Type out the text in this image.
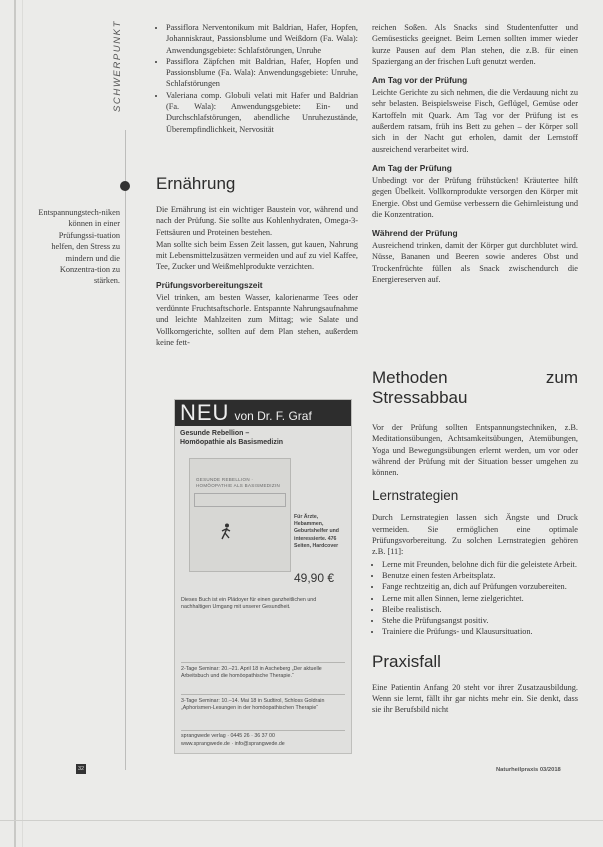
SCHWERPUNKT
Entspannungstech-niken können in einer Prüfungssi-tuation helfen, den Stress zu mindern und die Konzentra-tion zu stärken.
• Passiflora Nerventonikum mit Baldrian, Hafer, Hopfen, Johanniskraut, Passionsblume und Weißdorn (Fa. Wala): Anwendungsgebiete: Schlafstörungen, Unruhe
• Passiflora Zäpfchen mit Baldrian, Hafer, Hopfen und Passionsblume (Fa. Wala): Anwendungsgebiete: Unruhe, Schlafstörungen
• Valeriana comp. Globuli velati mit Hafer und Baldrian (Fa. Wala): Anwendungsgebiete: Ein- und Durchschlafstörungen, abendliche Unruhezustände, Überempfindlichkeit, Nervosität
Ernährung

Die Ernährung ist ein wichtiger Baustein vor, während und nach der Prüfung. Sie sollte aus Kohlenhydraten, Omega-3-Fettsäuren und Proteinen bestehen.

Man sollte sich beim Essen Zeit lassen, gut kauen, Nahrung mit Lebensmittelzusätzen vermeiden und auf zu viel Kaffee, Tee, Zucker und Weißmehlprodukte verzichten.

Prüfungsvorbereitungszeit

Viel trinken, am besten Wasser, kalorienarme Tees oder verdünnte Fruchtsaftschorle. Entspannte Nahrungsaufnahme und leichte Mahlzeiten zum Mittag; wie Salate und Vollkorngerichte, sollten auf dem Plan stehen, außerdem keine fett-

NEU von Dr. F. Graf
Gesunde Rebellion –
Homöopathie als Basismedizin
GESUNDE REBELLION · HOMÖOPATHIE ALS BASISMEDIZIN
Für Ärzte, Hebammen, Geburtshelfer und interessierte. 476 Seiten, Hardcover
49,90 €
Dieses Buch ist ein Plädoyer für einen ganzheitlichen und nachhaltigen Umgang mit unserer Gesundheit.
2-Tage Seminar: 20.–21. April 18 in Ascheberg „Der aktuelle Arbeitsbuch und die homöopathische Therapie.“
3-Tage Seminar: 10.–14. Mai 18 in Sudtirol, Schloss Goldrain „Aphorismen-Lesungen in der homöopathischen Therapie“
sprangwede verlag · 0445 26 · 36 37 00
www.sprangwede.de · info@sprangwede.de

reichen Soßen. Als Snacks sind Studentenfutter und Gemüsesticks geeignet. Beim Lernen sollten immer wieder kurze Pausen auf dem Plan stehen, die z.B. für einen Spaziergang an der frischen Luft genutzt werden.

Am Tag vor der Prüfung

Leichte Gerichte zu sich nehmen, die die Verdauung nicht zu sehr belasten. Beispielsweise Fisch, Geflügel, Gemüse oder Kartoffeln mit Quark. Am Tag vor der Prüfung ist es außerdem ratsam, früh ins Bett zu gehen – der Körper soll sich in der Nacht gut erholen, damit der Lernstoff ausreichend verarbeitet wird.

Am Tag der Prüfung

Unbedingt vor der Prüfung frühstücken! Kräutertee hilft gegen Übelkeit. Vollkornprodukte versorgen den Körper mit Energie. Obst und Gemüse verbessern die Gehirnleistung und die Konzentration.

Während der Prüfung

Ausreichend trinken, damit der Körper gut durchblutet wird. Nüsse, Bananen und Beeren sowie anderes Obst und Trockenfrüchte füllen als Snack zwischendurch die Energiereserven auf.

Methoden zum Stressabbau

Vor der Prüfung sollten Entspannungstechniken, z.B. Meditationsübungen, Achtsamkeitsübungen, Atemübungen, Yoga und Bewegungsübungen erlernt werden, um vor oder während der Prüfung mit der Situation besser umgehen zu können.

Lernstrategien

Durch Lernstrategien lassen sich Ängste und Druck vermeiden. Sie ermöglichen eine optimale Prüfungsvorbereitung. Zu solchen Lernstrategien gehören z.B. [11]:

• Lerne mit Freunden, belohne dich für die geleistete Arbeit.
• Benutze einen festen Arbeitsplatz.
• Fange rechtzeitig an, dich auf Prüfungen vorzubereiten.
• Lerne mit allen Sinnen, lerne zielgerichtet.
• Bleibe realistisch.
• Stehe die Prüfungsangst positiv.
• Trainiere die Prüfungs- und Klausursituation.
Praxisfall

Eine Patientin Anfang 20 steht vor ihrer Zusatzausbildung. Wenn sie lernt, fällt ihr gar nichts mehr ein. Sie denkt, dass sie ihr Berufsbild nicht

32	Naturheilpraxis 03/2018
